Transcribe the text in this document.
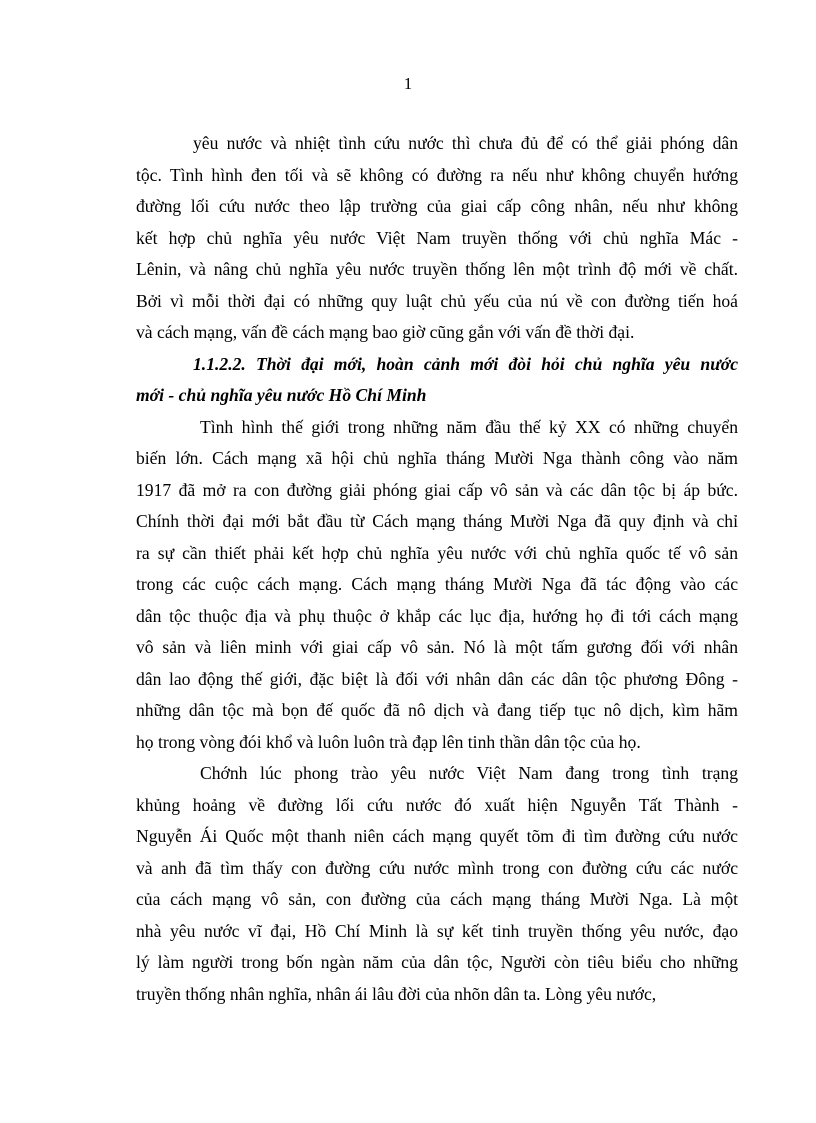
1
yêu nước và nhiệt tình cứu nước thì chưa đủ để có thể giải phóng dân
tộc. Tình hình đen tối và sẽ không có đường ra nếu như không chuyển hướng
đường lối cứu nước theo lập trường của giai cấp công nhân, nếu như không
kết hợp chủ nghĩa yêu nước Việt Nam truyền thống với chủ nghĩa Mác -
Lênin, và nâng chủ nghĩa yêu nước truyền thống lên một trình độ mới về chất.
Bởi vì mỗi thời đại có những quy luật chủ yếu của nú về con đường tiến hoá
và cách mạng, vấn đề cách mạng bao giờ cũng gắn với vấn đề thời đại.
1.1.2.2. Thời đại mới, hoàn cảnh mới đòi hỏi chủ nghĩa yêu nước
mới - chủ nghĩa yêu nước Hồ Chí Minh
Tình hình thế giới trong những năm đầu thế kỷ XX có những chuyển
biến lớn. Cách mạng xã hội chủ nghĩa tháng Mười Nga thành công vào năm
1917 đã mở ra con đường giải phóng giai cấp vô sản và các dân tộc bị áp bức.
Chính thời đại mới bắt đầu từ Cách mạng tháng Mười Nga đã quy định và chỉ
ra sự cần thiết phải kết hợp chủ nghĩa yêu nước với chủ nghĩa quốc tế vô sản
trong các cuộc cách mạng. Cách mạng tháng Mười Nga đã tác động vào các
dân tộc thuộc địa và phụ thuộc ở khắp các lục địa, hướng họ đi tới cách mạng
vô sản và liên minh với giai cấp vô sản. Nó là một tấm gương đối với nhân
dân lao động thế giới, đặc biệt là đối với nhân dân các dân tộc phương Đông -
những dân tộc mà bọn đế quốc đã nô dịch và đang tiếp tục nô dịch, kìm hãm
họ trong vòng đói khổ và luôn luôn trà đạp lên tinh thần dân tộc của họ.
Chớnh lúc phong trào yêu nước Việt Nam đang trong tình trạng
khủng hoảng về đường lối cứu nước đó xuất hiện Nguyễn Tất Thành -
Nguyễn Ái Quốc một thanh niên cách mạng quyết tõm đi tìm đường cứu nước
và anh đã tìm thấy con đường cứu nước mình trong con đường cứu các nước
của cách mạng vô sản, con đường của cách mạng tháng Mười Nga. Là một
nhà yêu nước vĩ đại, Hồ Chí Minh là sự kết tinh truyền thống yêu nước, đạo
lý làm người trong bốn ngàn năm của dân tộc, Người còn tiêu biểu cho những
truyền thống nhân nghĩa, nhân ái lâu đời của nhõn dân ta. Lòng yêu nước,
